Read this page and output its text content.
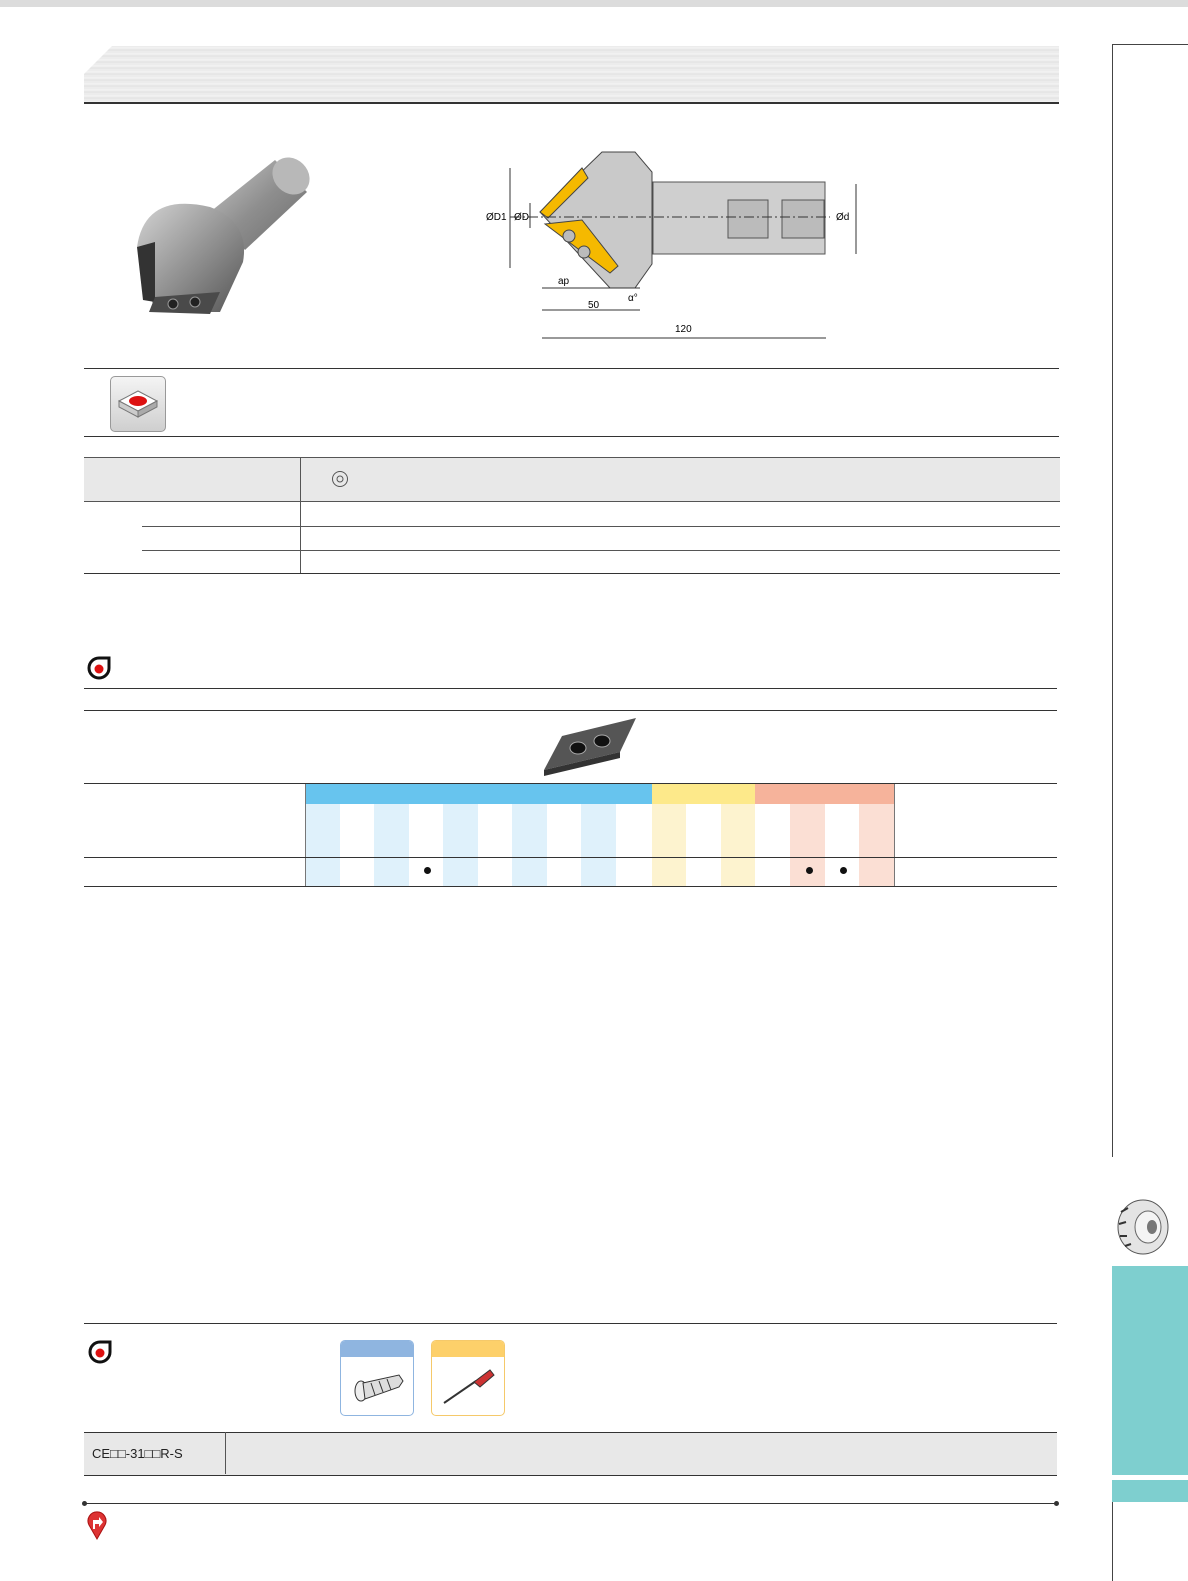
ØD1 ØD	Ød
ap
α°
50
120
CE□□-31□□R-S
